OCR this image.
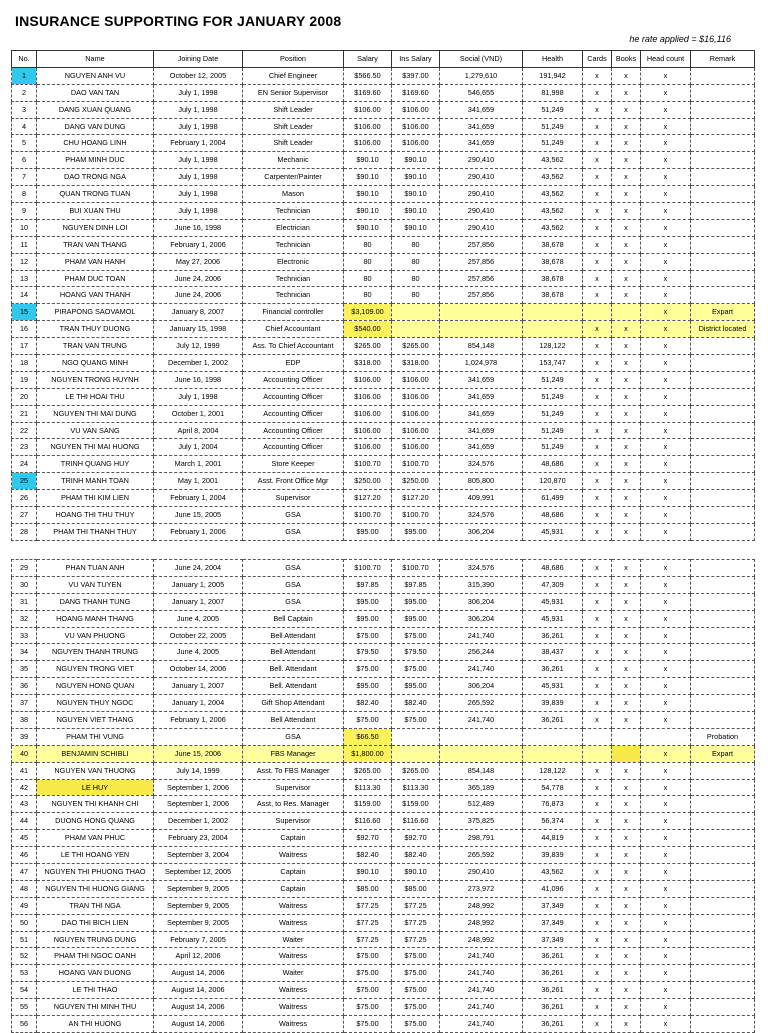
INSURANCE SUPPORTING FOR JANUARY 2008
he rate applied = $16,116
No.	Name	Joining Date	Position	Salary	Ins Salary	Social (VND)	Health	Cards	Books	Head count	Remark
1	NGUYEN ANH VU	October 12, 2005	Chief Engineer	$566.50	$397.00	1,279,610	191,942	x	x	x	
2	DAO VAN TAN	July 1, 1998	EN Senior Supervisor	$169.60	$169.60	546,655	81,998	x	x	x	
3	DANG XUAN QUANG	July 1, 1998	Shift Leader	$106.00	$106.00	341,659	51,249	x	x	x	
4	DANG VAN DUNG	July 1, 1998	Shift Leader	$106.00	$106.00	341,659	51,249	x	x	x	
5	CHU HOANG LINH	February 1, 2004	Shift Leader	$106.00	$106.00	341,659	51,249	x	x	x	
6	PHAM MINH DUC	July 1, 1998	Mechanic	$90.10	$90.10	290,410	43,562	x	x	x	
7	DAO TRONG NGA	July 1, 1998	Carpenter/Painter	$90.10	$90.10	290,410	43,562	x	x	x	
8	QUAN TRONG TUAN	July 1, 1998	Mason	$90.10	$90.10	290,410	43,562	x	x	x	
9	BUI XUAN THU	July 1, 1998	Technician	$90.10	$90.10	290,410	43,562	x	x	x	
10	NGUYEN DINH LOI	June 16, 1998	Electrician	$90.10	$90.10	290,410	43,562	x	x	x	
11	TRAN VAN THANG	February 1, 2006	Technician	80	80	257,856	38,678	x	x	x	
12	PHAM VAN HANH	May 27, 2006	Electronic	80	80	257,856	38,678	x	x	x	
13	PHAM DUC TOAN	June 24, 2006	Technician	80	80	257,856	38,678	x	x	x	
14	HOANG VAN THANH	June 24, 2006	Technician	80	80	257,856	38,678	x	x	x	
15	PIRAPONG SAOVAMOL	January 8, 2007	Financial controller	$3,109.00						x	Expart
16	TRAN THUY DUONG	January 15, 1998	Chief Accountant	$540.00				x	x	x	District located
17	TRAN VAN TRUNG	July 12, 1999	Ass. To Chief Accountant	$265.00	$265.00	854,148	128,122	x	x	x	
18	NGO QUANG MINH	December 1, 2002	EDP	$318.00	$318.00	1,024,978	153,747	x	x	x	
19	NGUYEN TRONG HUYNH	June 16, 1998	Accounting Officer	$106.00	$106.00	341,659	51,249	x	x	x	
20	LE THI HOAI THU	July 1, 1998	Accounting Officer	$106.00	$106.00	341,659	51,249	x	x	x	
21	NGUYEN THI MAI DUNG	October 1, 2001	Accounting Officer	$106.00	$106.00	341,659	51,249	x	x	x	
22	VU VAN SANG	April 8, 2004	Accounting Officer	$106.00	$106.00	341,659	51,249	x	x	x	
23	NGUYEN THI MAI HUONG	July 1, 2004	Accounting Officer	$106.00	$106.00	341,659	51,249	x	x	x	
24	TRINH QUANG HUY	March 1, 2001	Store Keeper	$100.70	$100.70	324,576	48,686	x	x	x	
25	TRINH MANH TOAN	May 1, 2001	Asst. Front Office Mgr	$250.00	$250.00	805,800	120,870	x	x	x	
26	PHAM THI KIM LIEN	February 1, 2004	Supervisor	$127.20	$127.20	409,991	61,499	x	x	x	
27	HOANG THI THU THUY	June 15, 2005	GSA	$100.70	$100.70	324,576	48,686	x	x	x	
28	PHAM THI THANH THUY	February 1, 2006	GSA	$95.00	$95.00	306,204	45,931	x	x	x	
29	PHAN TUAN ANH	June 24, 2004	GSA	$100.70	$100.70	324,576	48,686	x	x	x	
30	VU VAN TUYEN	January 1, 2005	GSA	$97.85	$97.85	315,390	47,309	x	x	x	
31	DANG THANH TUNG	January 1, 2007	GSA	$95.00	$95.00	306,204	45,931	x	x	x	
32	HOANG MANH THANG	June 4, 2005	Bell Captain	$95.00	$95.00	306,204	45,931	x	x	x	
33	VU VAN PHUONG	October 22, 2005	Bell Attendant	$75.00	$75.00	241,740	36,261	x	x	x	
34	NGUYEN THANH TRUNG	June 4, 2005	Bell Attendant	$79.50	$79.50	256,244	38,437	x	x	x	
35	NGUYEN TRONG VIET	October 14, 2006	Bell. Attendant	$75.00	$75.00	241,740	36,261	x	x	x	
36	NGUYEN HONG QUAN	January 1, 2007	Bell. Attendant	$95.00	$95.00	306,204	45,931	x	x	x	
37	NGUYEN THUY NGOC	January 1, 2004	Gift Shop Attendant	$82.40	$82.40	265,592	39,839	x	x	x	
38	NGUYEN VIET THANG	February 1, 2006	Bell Attendant	$75.00	$75.00	241,740	36,261	x	x	x	
39	PHAM THI VUNG		GSA	$66.50							Probation
40	BENJAMIN SCHIBLI	June 15, 2006	FBS Manager	$1,800.00						x	Expart
41	NGUYEN VAN THUONG	July 14, 1999	Asst. To FBS Manager	$265.00	$265.00	854,148	128,122	x	x	x	
42	LE HUY	September 1, 2006	Supervisor	$113.30	$113.30	365,189	54,778	x	x	x	
43	NGUYEN THI KHANH CHI	September 1, 2006	Asst, to Res. Manager	$159.00	$159.00	512,489	76,873	x	x	x	
44	DUONG HONG QUANG	December 1, 2002	Supervisor	$116.60	$116.60	375,825	56,374	x	x	x	
45	PHAM VAN PHUC	February 23, 2004	Captain	$92.70	$92.70	298,791	44,819	x	x	x	
46	LE THI HOANG YEN	September 3, 2004	Waitress	$82.40	$82.40	265,592	39,839	x	x	x	
47	NGUYEN THI PHUONG THAO	September 12, 2005	Captain	$90.10	$90.10	290,410	43,562	x	x	x	
48	NGUYEN THI HUONG GIANG	September 9, 2005	Captain	$85.00	$85.00	273,972	41,096	x	x	x	
49	TRAN THI NGA	September 9, 2005	Waitress	$77.25	$77.25	248,992	37,349	x	x	x	
50	DAO THI BICH LIEN	September 9, 2005	Waitress	$77.25	$77.25	248,992	37,349	x	x	x	
51	NGUYEN TRUNG DUNG	February 7, 2005	Waiter	$77.25	$77.25	248,992	37,349	x	x	x	
52	PHAM THI NGOC OANH	April 12, 2006	Waitress	$75.00	$75.00	241,740	36,261	x	x	x	
53	HOANG VAN DUONG	August 14, 2006	Waiter	$75.00	$75.00	241,740	36,261	x	x	x	
54	LE THI THAO	August 14, 2006	Waitress	$75.00	$75.00	241,740	36,261	x	x	x	
55	NGUYEN THI MINH THU	August 14, 2006	Waitress	$75.00	$75.00	241,740	36,261	x	x	x	
56	AN THI HUONG	August 14, 2006	Waitress	$75.00	$75.00	241,740	36,261	x	x	x	
